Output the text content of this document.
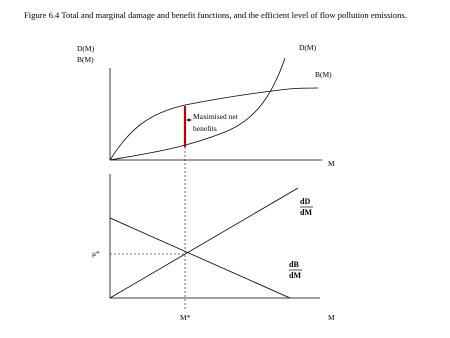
Figure 6.4 Total and marginal damage and benefit functions, and the efficient level of flow pollution emissions.
D(M)
B(M)
D(M)
B(M)
Maximised net
benefits
M
dD
dM
dB
dM
μ*
M*	M
